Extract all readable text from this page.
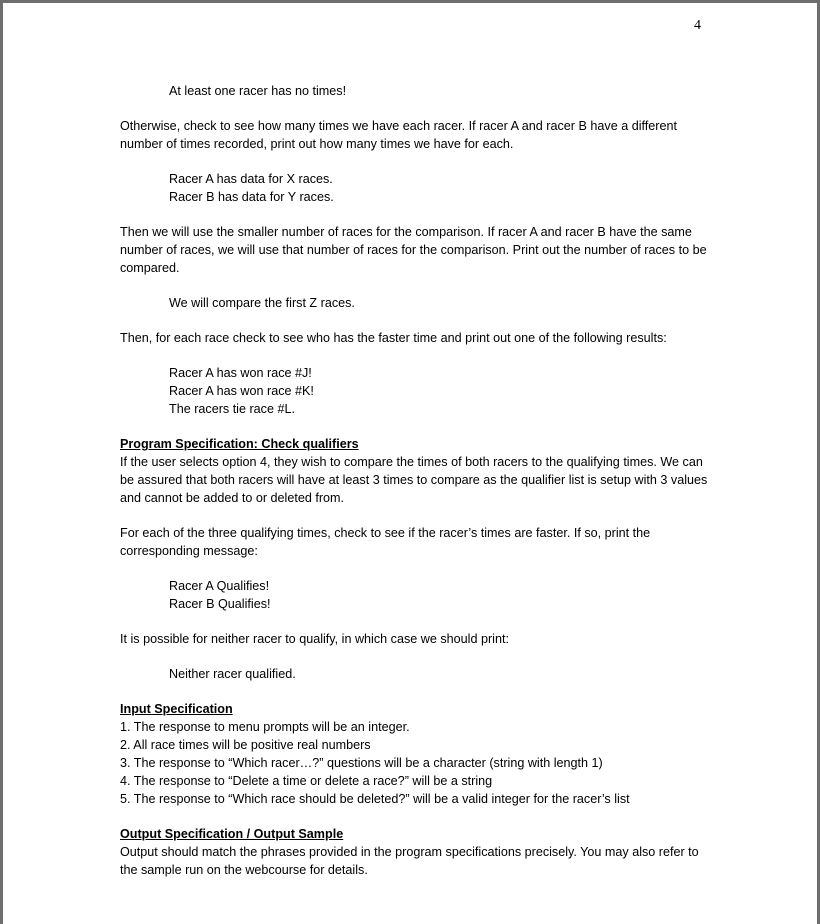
4

At least one racer has no times!

Otherwise, check to see how many times we have each racer. If racer A and racer B have a different number of times recorded, print out how many times we have for each.

Racer A has data for X races.

Racer B has data for Y races.

Then we will use the smaller number of races for the comparison. If racer A and racer B have the same number of races, we will use that number of races for the comparison. Print out the number of races to be compared.

We will compare the first Z races.

Then, for each race check to see who has the faster time and print out one of the following results:

Racer A has won race #J!

Racer A has won race #K!

The racers tie race #L.

Program Specification: Check qualifiers

If the user selects option 4, they wish to compare the times of both racers to the qualifying times. We can be assured that both racers will have at least 3 times to compare as the qualifier list is setup with 3 values and cannot be added to or deleted from.

For each of the three qualifying times, check to see if the racer’s times are faster. If so, print the corresponding message:

Racer A Qualifies!

Racer B Qualifies!

It is possible for neither racer to qualify, in which case we should print:

Neither racer qualified.

Input Specification

1. The response to menu prompts will be an integer.
2. All race times will be positive real numbers
3. The response to “Which racer…?” questions will be a character (string with length 1)
4. The response to “Delete a time or delete a race?” will be a string
5. The response to “Which race should be deleted?” will be a valid integer for the racer’s list

Output Specification / Output Sample

Output should match the phrases provided in the program specifications precisely. You may also refer to the sample run on the webcourse for details.
